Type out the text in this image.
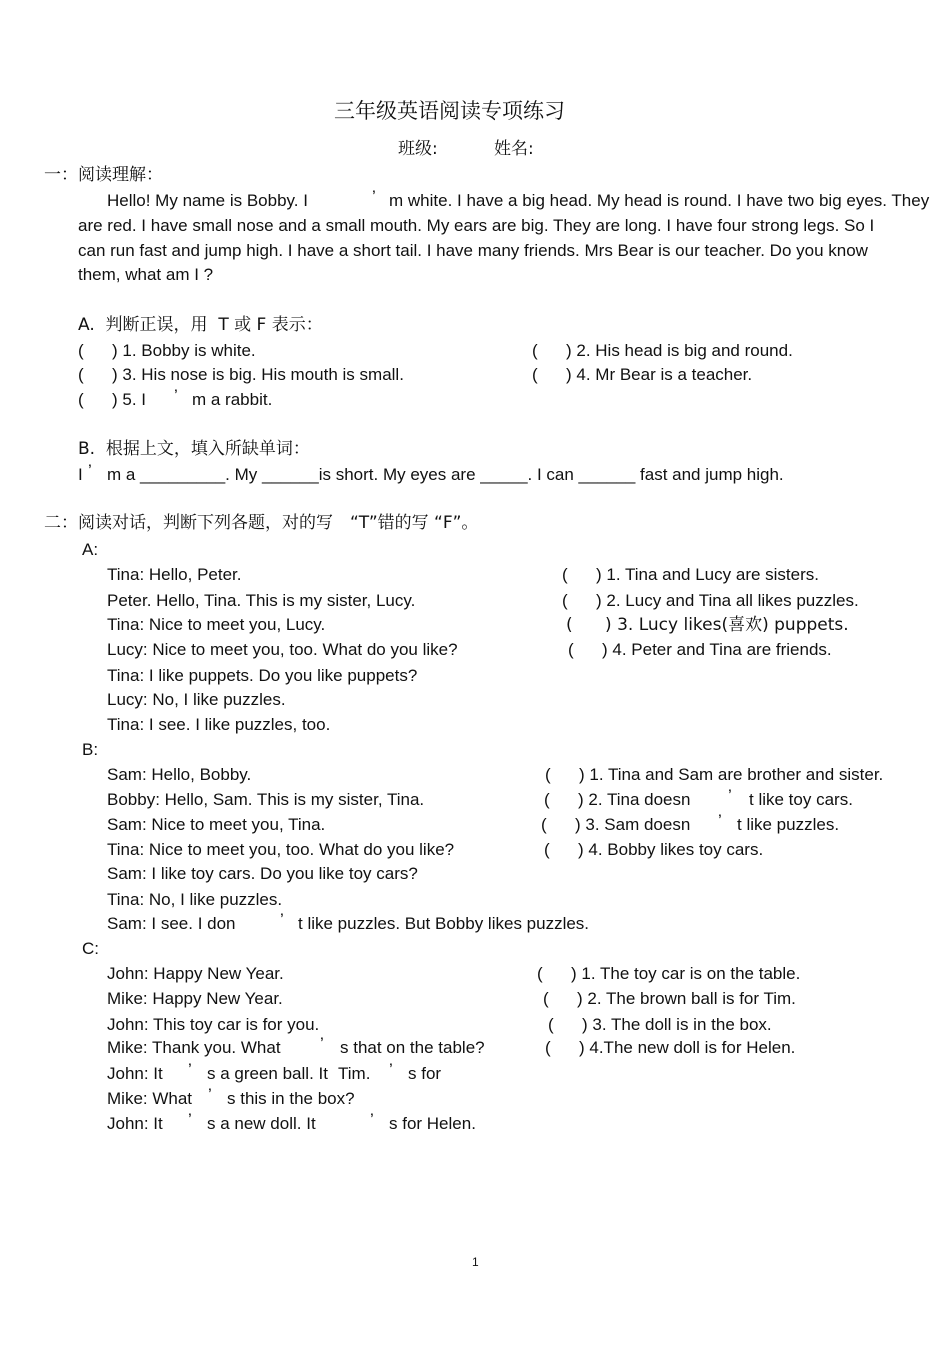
三年级英语阅读专项练习
班级:	姓名:
一：阅读理解：
Hello! My name is Bobby. I	’ m white. I have a big head. My head is round. I have two big eyes. They
are red. I have small nose and a small mouth. My ears are big. They are long. I have four strong legs. So I
can run fast and jump high. I have a short tail. I have many friends. Mrs Bear is our teacher. Do you know
them, what am I ?
A.  判断正误，用  T 或 F 表示：
(      ) 1. Bobby is white.	(      ) 2. His head is big and round.
(      ) 3. His nose is big. His mouth is small.	(      ) 4. Mr Bear is a teacher.
(      ) 5. I ’ m a rabbit.
B.  根据上文，填入所缺单词：
I ’ m a _________. My ______is short. My eyes are _____. I can ______ fast and jump high.
二：阅读对话，判断下列各题，对的写　“T”错的写 “F”。
A:
Tina: Hello, Peter.
Peter. Hello, Tina. This is my sister, Lucy.
Tina: Nice to meet you, Lucy.
Lucy: Nice to meet you, too. What do you like?
Tina: I like puppets. Do you like puppets?
Lucy: No, I like puzzles.
Tina: I see. I like puzzles, too.
(      ) 1. Tina and Lucy are sisters.
(      ) 2. Lucy and Tina all likes puzzles.
(      ) 3. Lucy likes(喜欢) puppets.
(      ) 4. Peter and Tina are friends.
B:
Sam: Hello, Bobby.
Bobby: Hello, Sam. This is my sister, Tina.
Sam: Nice to meet you, Tina.
Tina: Nice to meet you, too. What do you like?
Sam: I like toy cars. Do you like toy cars?
Tina: No, I like puzzles.
Sam: I see. I don	’ t like puzzles. But Bobby likes puzzles.
(      ) 1. Tina and Sam are brother and sister.
(      ) 2. Tina doesn ’ t like toy cars.
(      ) 3. Sam doesn ’ t like puzzles.
(      ) 4. Bobby likes toy cars.
C:
John: Happy New Year.
Mike: Happy New Year.
John: This toy car is for you.
Mike: Thank you. What ’ s that on the table?
John: It ’ s a green ball. It Tim. ’ s for
Mike: What ’ s this in the box?
John: It ’ s a new doll. It	’ s for Helen.
(      ) 1. The toy car is on the table.
(      ) 2. The brown ball is for Tim.
(      ) 3. The doll is in the box.
(      ) 4.The new doll is for Helen.
1
